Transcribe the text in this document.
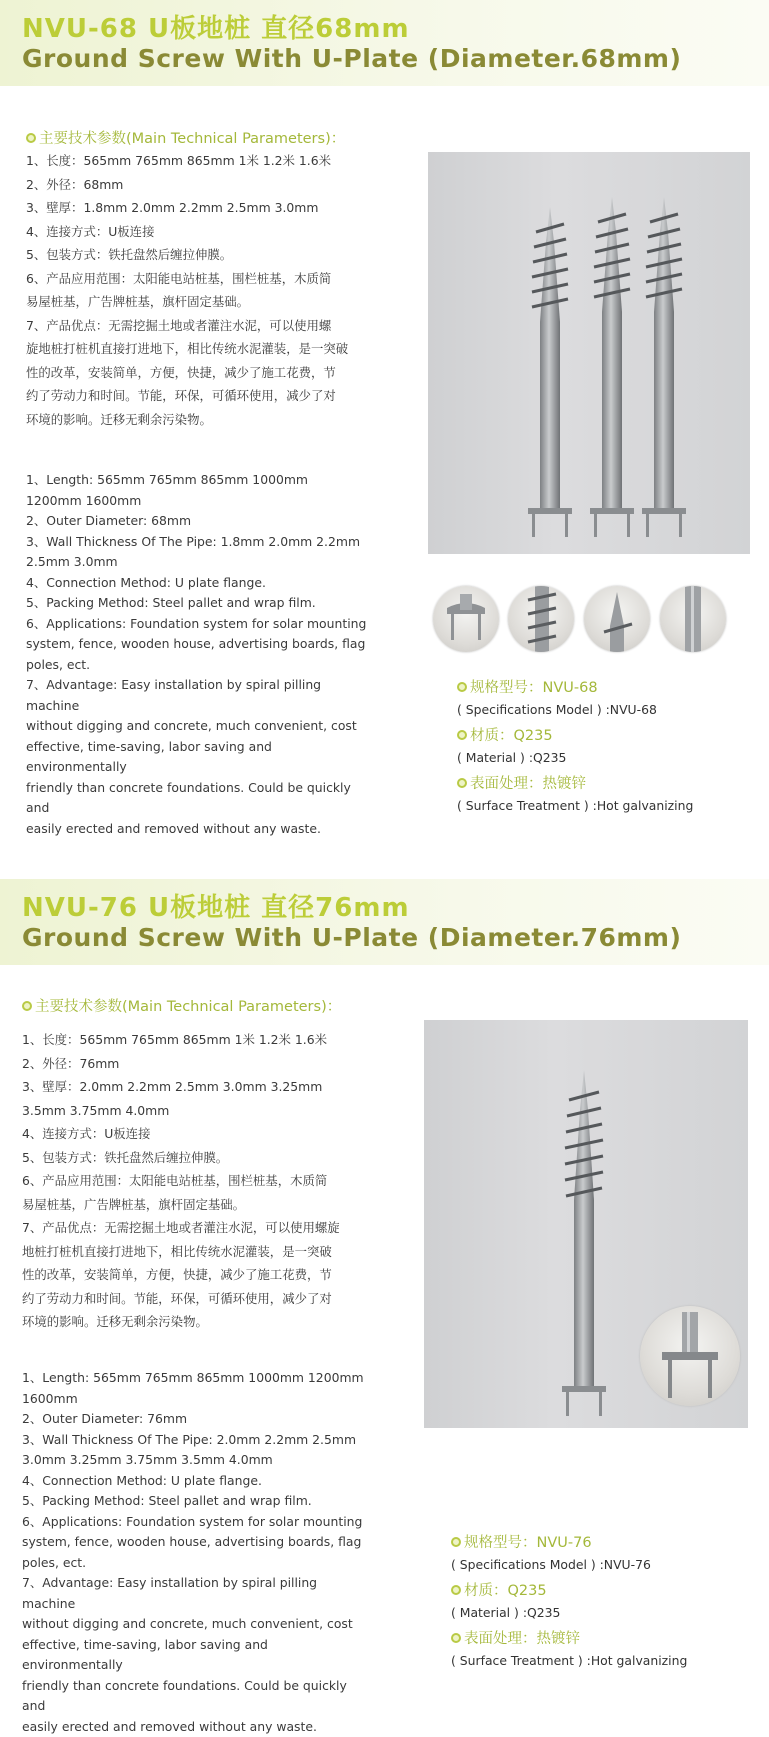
NVU-68 U板地桩 直径68mm

Ground Screw With U-Plate (Diameter.68mm)

主要技术参数(Main Technical Parameters)：
1、长度：565mm 765mm 865mm 1米 1.2米 1.6米
2、外径：68mm
3、壁厚：1.8mm 2.0mm 2.2mm 2.5mm 3.0mm
4、连接方式：U板连接
5、包装方式：铁托盘然后缠拉伸膜。
6、产品应用范围：太阳能电站桩基，围栏桩基，木质简
易屋桩基，广告牌桩基，旗杆固定基础。
7、产品优点：无需挖掘土地或者灌注水泥，可以使用螺
旋地桩打桩机直接打进地下，相比传统水泥灌装，是一突破
性的改革，安装简单，方便，快捷，减少了施工花费，节
约了劳动力和时间。节能，环保，可循环使用，减少了对
环境的影响。迁移无剩余污染物。
1、Length: 565mm 765mm 865mm 1000mm
1200mm 1600mm
2、Outer Diameter: 68mm
3、Wall Thickness Of The Pipe: 1.8mm 2.0mm 2.2mm
2.5mm 3.0mm
4、Connection Method: U plate flange.
5、Packing Method: Steel pallet and wrap film.
6、Applications: Foundation system for solar mounting
system, fence, wooden house, advertising boards, flag
poles, ect.
7、Advantage: Easy installation by spiral pilling machine
without digging and concrete, much convenient, cost
effective, time-saving, labor saving and environmentally
friendly than concrete foundations. Could be quickly and
easily erected and removed without any waste.
规格型号：NVU-68
( Specifications Model ) :NVU-68
材质：Q235
( Material ) :Q235
表面处理：热镀锌
( Surface Treatment ) :Hot galvanizing

NVU-76 U板地桩 直径76mm

Ground Screw With U-Plate (Diameter.76mm)

主要技术参数(Main Technical Parameters)：
1、长度：565mm 765mm 865mm 1米 1.2米 1.6米
2、外径：76mm
3、壁厚：2.0mm 2.2mm 2.5mm 3.0mm 3.25mm
3.5mm 3.75mm 4.0mm
4、连接方式：U板连接
5、包装方式：铁托盘然后缠拉伸膜。
6、产品应用范围：太阳能电站桩基，围栏桩基，木质简
易屋桩基，广告牌桩基，旗杆固定基础。
7、产品优点：无需挖掘土地或者灌注水泥，可以使用螺旋
地桩打桩机直接打进地下，相比传统水泥灌装，是一突破
性的改革，安装简单，方便，快捷，减少了施工花费，节
约了劳动力和时间。节能，环保，可循环使用，减少了对
环境的影响。迁移无剩余污染物。
1、Length: 565mm 765mm 865mm 1000mm 1200mm
1600mm
2、Outer Diameter: 76mm
3、Wall Thickness Of The Pipe: 2.0mm 2.2mm 2.5mm
3.0mm 3.25mm 3.75mm 3.5mm 4.0mm
4、Connection Method: U plate flange.
5、Packing Method: Steel pallet and wrap film.
6、Applications: Foundation system for solar mounting
system, fence, wooden house, advertising boards, flag
poles, ect.
7、Advantage: Easy installation by spiral pilling machine
without digging and concrete, much convenient, cost
effective, time-saving, labor saving and environmentally
friendly than concrete foundations. Could be quickly and
easily erected and removed without any waste.
规格型号：NVU-76
( Specifications Model ) :NVU-76
材质：Q235
( Material ) :Q235
表面处理：热镀锌
( Surface Treatment ) :Hot galvanizing
